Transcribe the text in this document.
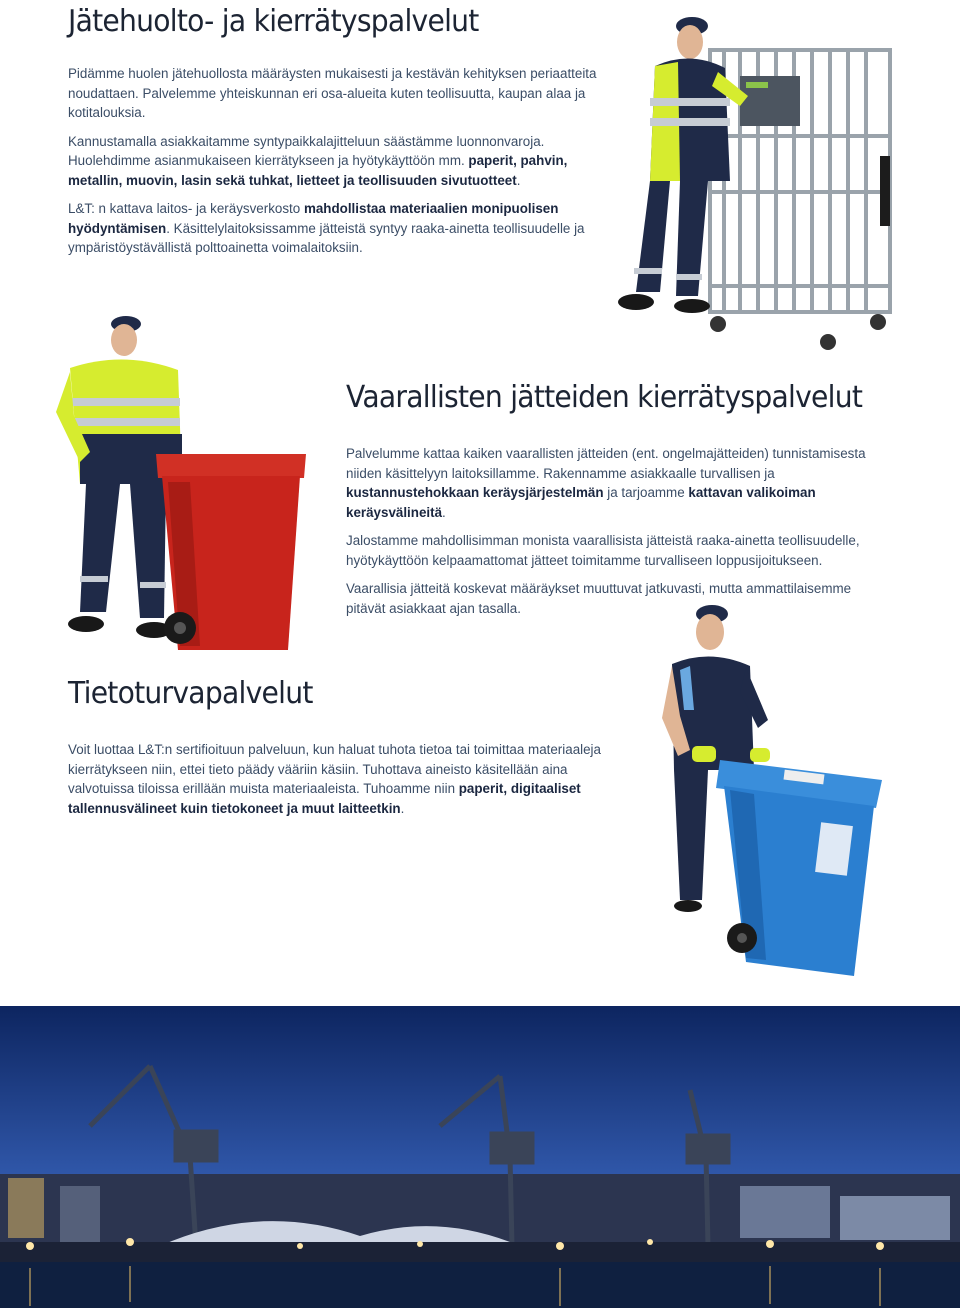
Jätehuolto- ja kierrätyspalvelut

Pidämme huolen jätehuollosta määräysten mukaisesti ja kestävän kehityksen periaatteita noudattaen. Palvelemme yhteiskunnan eri osa-alueita kuten teollisuutta, kaupan alaa ja kotitalouksia.

Kannustamalla asiakkaitamme syntypaikkalajitteluun säästämme luonnonvaroja. Huolehdimme asianmukaiseen kierrätykseen ja hyötykäyttöön mm. paperit, pahvin, metallin, muovin, lasin sekä tuhkat, lietteet ja teollisuuden sivutuotteet.

L&T: n kattava laitos- ja keräysverkosto mahdollistaa materiaalien monipuolisen hyödyntämisen. Käsittelylaitoksissamme jätteistä syntyy raaka-ainetta teollisuudelle ja ympäristöystävällistä polttoainetta voimalaitoksiin.

Vaarallisten jätteiden kierrätyspalvelut

Palvelumme kattaa kaiken vaarallisten jätteiden (ent. ongelmajätteiden) tunnistamisesta niiden käsittelyyn laitoksillamme. Rakennamme asiakkaalle turvallisen ja kustannustehokkaan keräysjärjestelmän ja tarjoamme kattavan valikoiman keräysvälineitä.

Jalostamme mahdollisimman monista vaarallisista jätteistä raaka-ainetta teollisuudelle, hyötykäyttöön kelpaamattomat jätteet toimitamme turvalliseen loppusijoitukseen.

Vaarallisia jätteitä koskevat määräykset muuttuvat jatkuvasti, mutta ammattilaisemme pitävät asiakkaat ajan tasalla.

Tietoturvapalvelut

Voit luottaa L&T:n sertifioituun palveluun, kun haluat tuhota tietoa tai toimittaa materiaaleja kierrätykseen niin, ettei tieto päädy vääriin käsiin. Tuhottava aineisto käsitellään aina valvotuissa tiloissa erillään muista materiaaleista. Tuhoamme niin paperit, digitaaliset tallennusvälineet kuin tietokoneet ja muut laitteetkin.
